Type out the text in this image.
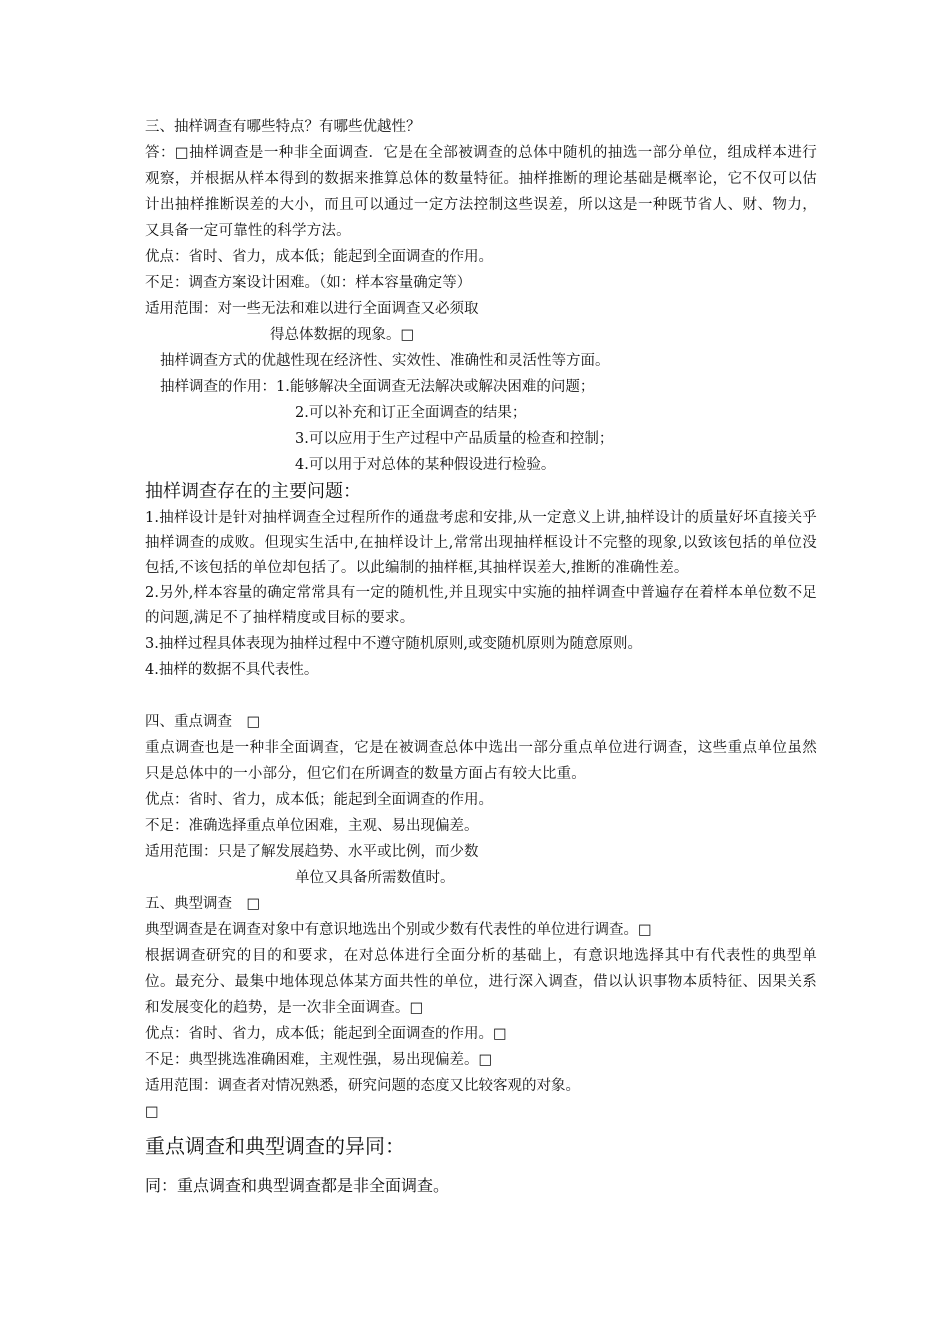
三、抽样调查有哪些特点？有哪些优越性？
答：□抽样调查是一种非全面调查．它是在全部被调查的总体中随机的抽选一部分单位，组成样本进行观察，并根据从样本得到的数据来推算总体的数量特征。抽样推断的理论基础是概率论，它不仅可以估计出抽样推断误差的大小，而且可以通过一定方法控制这些误差，所以这是一种既节省人、财、物力，又具备一定可靠性的科学方法。
优点：省时、省力，成本低；能起到全面调查的作用。
不足：调查方案设计困难。（如：样本容量确定等）
适用范围：对一些无法和难以进行全面调查又必须取
得总体数据的现象。□
抽样调查方式的优越性现在经济性、实效性、准确性和灵活性等方面。
抽样调查的作用：1.能够解决全面调查无法解决或解决困难的问题；
2.可以补充和订正全面调查的结果；
3.可以应用于生产过程中产品质量的检查和控制；
4.可以用于对总体的某种假设进行检验。
抽样调查存在的主要问题：
1.抽样设计是针对抽样调查全过程所作的通盘考虑和安排,从一定意义上讲,抽样设计的质量好坏直接关乎抽样调查的成败。但现实生活中,在抽样设计上,常常出现抽样框设计不完整的现象,以致该包括的单位没包括,不该包括的单位却包括了。以此编制的抽样框,其抽样误差大,推断的准确性差。
2.另外,样本容量的确定常常具有一定的随机性,并且现实中实施的抽样调查中普遍存在着样本单位数不足的问题,满足不了抽样精度或目标的要求。
3.抽样过程具体表现为抽样过程中不遵守随机原则,或变随机原则为随意原则。
4.抽样的数据不具代表性。
四、重点调查　□
重点调查也是一种非全面调查，它是在被调查总体中选出一部分重点单位进行调查，这些重点单位虽然只是总体中的一小部分，但它们在所调查的数量方面占有较大比重。
优点：省时、省力，成本低；能起到全面调查的作用。
不足：准确选择重点单位困难，主观、易出现偏差。
适用范围：只是了解发展趋势、水平或比例，而少数
单位又具备所需数值时。
五、典型调查　□
典型调查是在调查对象中有意识地选出个别或少数有代表性的单位进行调查。□
根据调查研究的目的和要求，在对总体进行全面分析的基础上，有意识地选择其中有代表性的典型单位。最充分、最集中地体现总体某方面共性的单位，进行深入调查，借以认识事物本质特征、因果关系和发展变化的趋势，是一次非全面调查。□
优点：省时、省力，成本低；能起到全面调查的作用。□
不足：典型挑选准确困难，主观性强，易出现偏差。□
适用范围：调查者对情况熟悉，研究问题的态度又比较客观的对象。
□
重点调查和典型调查的异同：
同：重点调查和典型调查都是非全面调查。
